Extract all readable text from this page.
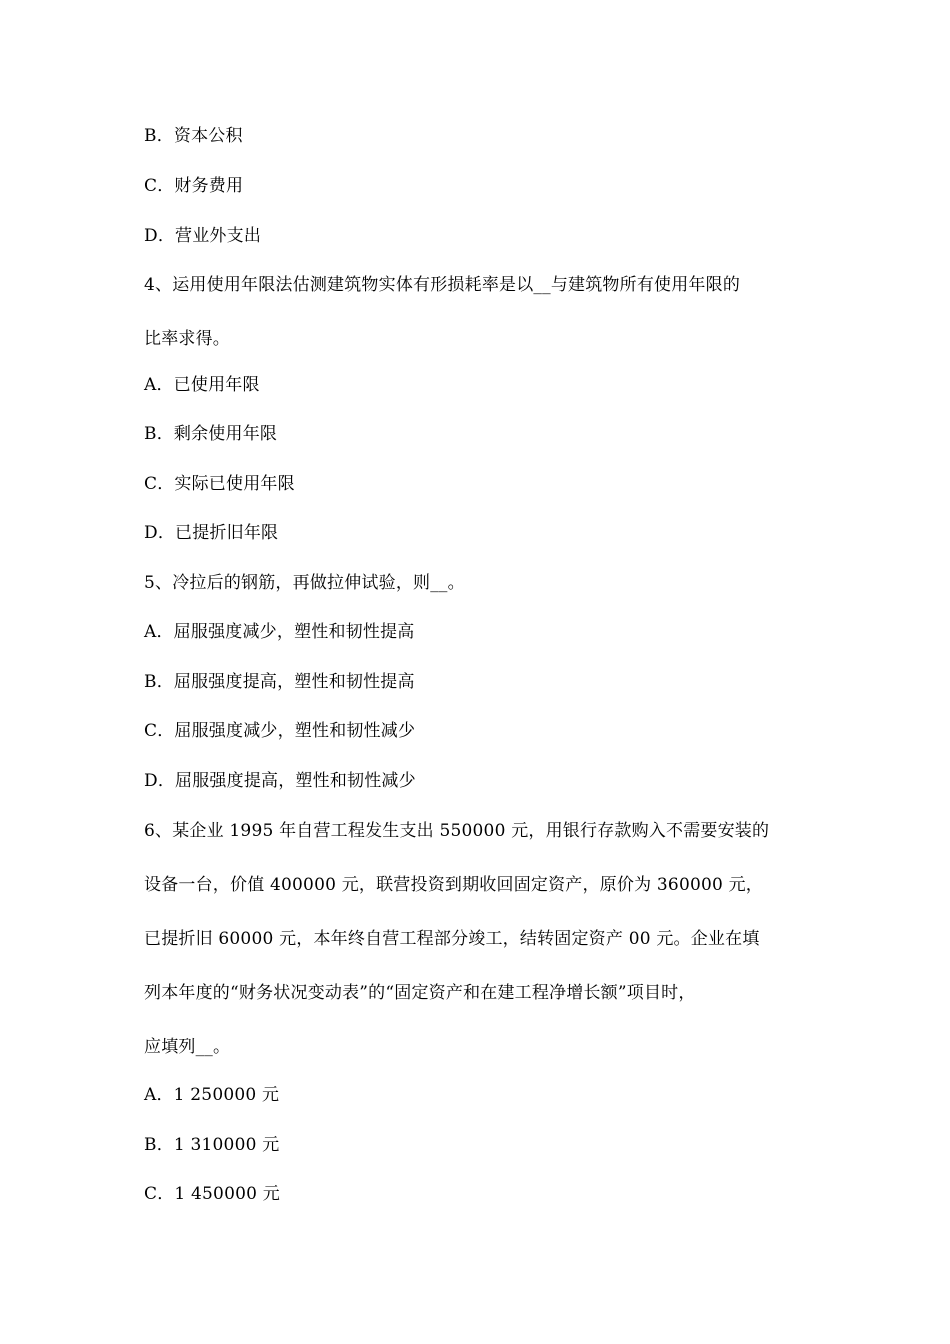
B．资本公积
C．财务费用
D．营业外支出
4、运用使用年限法估测建筑物实体有形损耗率是以__与建筑物所有使用年限的
比率求得。
A．已使用年限
B．剩余使用年限
C．实际已使用年限
D．已提折旧年限
5、冷拉后的钢筋，再做拉伸试验，则__。
A．屈服强度减少，塑性和韧性提高
B．屈服强度提高，塑性和韧性提高
C．屈服强度减少，塑性和韧性减少
D．屈服强度提高，塑性和韧性减少
6、某企业 1995 年自营工程发生支出 550000 元，用银行存款购入不需要安装的
设备一台，价值 400000 元，联营投资到期收回固定资产，原价为 360000 元，
已提折旧 60000 元，本年终自营工程部分竣工，结转固定资产 00 元。企业在填
列本年度的“财务状况变动表”的“固定资产和在建工程净增长额”项目时，
应填列__。
A．1 250000 元
B．1 310000 元
C．1 450000 元
